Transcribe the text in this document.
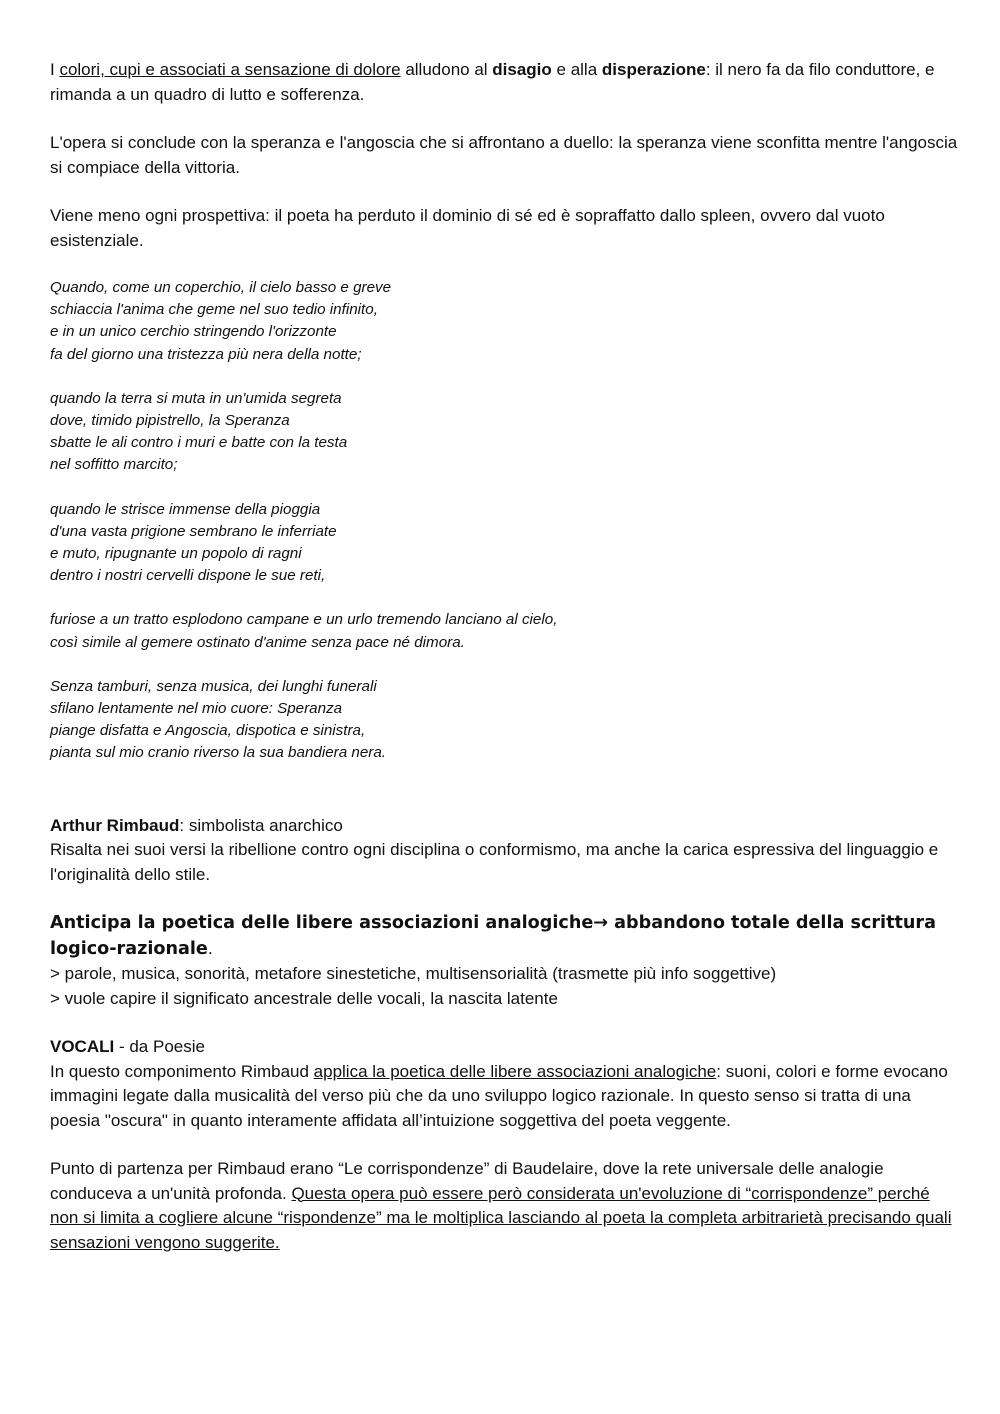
I colori, cupi e associati a sensazione di dolore alludono al disagio e alla disperazione: il nero fa da filo conduttore, e rimanda a un quadro di lutto e sofferenza.

L'opera si conclude con la speranza e l'angoscia che si affrontano a duello: la speranza viene sconfitta mentre l'angoscia si compiace della vittoria.

Viene meno ogni prospettiva: il poeta ha perduto il dominio di sé ed è sopraffatto dallo spleen, ovvero dal vuoto esistenziale.

Quando, come un coperchio, il cielo basso e greve
schiaccia l'anima che geme nel suo tedio infinito,
e in un unico cerchio stringendo l'orizzonte
fa del giorno una tristezza più nera della notte;

quando la terra si muta in un'umida segreta
dove, timido pipistrello, la Speranza
sbatte le ali contro i muri e batte con la testa
nel soffitto marcito;

quando le strisce immense della pioggia
d'una vasta prigione sembrano le inferriate
e muto, ripugnante un popolo di ragni
dentro i nostri cervelli dispone le sue reti,

furiose a un tratto esplodono campane e un urlo tremendo lanciano al cielo,
così simile al gemere ostinato d'anime senza pace né dimora.

Senza tamburi, senza musica, dei lunghi funerali
sfilano lentamente nel mio cuore: Speranza
piange disfatta e Angoscia, dispotica e sinistra,
pianta sul mio cranio riverso la sua bandiera nera.

Arthur Rimbaud: simbolista anarchico

Risalta nei suoi versi la ribellione contro ogni disciplina o conformismo, ma anche la carica espressiva del linguaggio e l'originalità dello stile.

Anticipa la poetica delle libere associazioni analogiche→ abbandono totale della scrittura logico-razionale.

> parole, musica, sonorità, metafore sinestetiche, multisensorialità (trasmette più info soggettive)

> vuole capire il significato ancestrale delle vocali, la nascita latente

VOCALI - da Poesie

In questo componimento Rimbaud applica la poetica delle libere associazioni analogiche: suoni, colori e forme evocano immagini legate dalla musicalità del verso più che da uno sviluppo logico razionale. In questo senso si tratta di una poesia "oscura" in quanto interamente affidata all’intuizione soggettiva del poeta veggente.

Punto di partenza per Rimbaud erano “Le corrispondenze” di Baudelaire, dove la rete universale delle analogie conduceva a un'unità profonda. Questa opera può essere però considerata un'evoluzione di “corrispondenze” perché non si limita a cogliere alcune “rispondenze” ma le moltiplica lasciando al poeta la completa arbitrarietà precisando quali sensazioni vengono suggerite.
